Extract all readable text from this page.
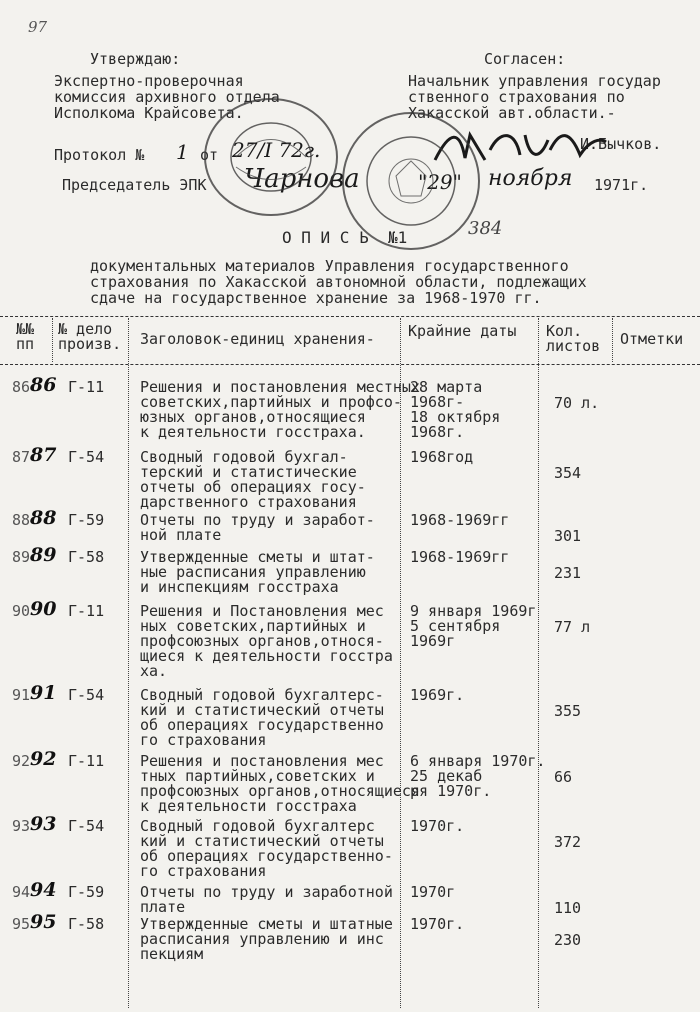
97
Утверждаю:
Экспертно-проверочная
комиссия архивного отдела
Исполкома Крайсовета.
Согласен:
Начальник управления государ
ственного страхования по
Хакасской авт.области.-
И.Бычков.
Протокол № 1 от 27/I 72г.
Председатель ЭПК Чарнова	"29" ноября 1971г.
О П И С Ь  №1	384
документальных материалов Управления государственного
страхования по Хакасской автономной области, подлежащих
сдаче на государственное хранение за 1968-1970 гг.
№№
пп
№ дело
произв. Заголовок-единиц хранения- Крайние даты Кол.
листов Отметки
86 86 Г-11 Решения и постановления местных
советских,партийных и профсо-
юзных органов,относящиеся
к деятельности госстраха.
28 марта
1968г-
18 октября
1968г.
70 л.
87 87 Г-54 Сводный годовой бухгал-
терский и статистические
отчеты об операциях госу-
дарственного страхования
1968год
354
88 88 Г-59 Отчеты по труду и заработ-
ной плате
1968-1969гг
301
89 89 Г-58 Утвержденные сметы и штат-
ные расписания управлению
и инспекциям госстраха
1968-1969гг
231
90 90 Г-11 Решения и Постановления мес
ных советских,партийных и
профсоюзных органов,относя-
щиеся к деятельности госстра
ха.
9 января 1969г
5 сентября
1969г
77 л
91 91 Г-54 Сводный годовой бухгалтерс-
кий и статистический отчеты
об операциях государственно
го страхования
1969г.
355
92 92 Г-11 Решения и постановления мес
тных партийных,советских и
профсоюзных органов,относящиеся
к деятельности госстраха
6 января 1970г.
25 декаб
ря 1970г.
66
93 93 Г-54 Сводный годовой бухгалтерс
кий и статистический отчеты
об операциях государственно-
го страхования
1970г.
372
94 94 Г-59 Отчеты по труду и заработной
плате
1970г
110
95 95 Г-58 Утвержденные сметы и штатные
расписания управлению и инс
пекциям
1970г.
230
